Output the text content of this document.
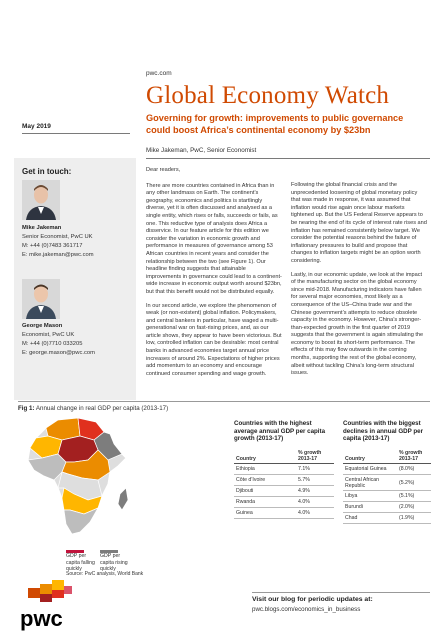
pwc.com
Global Economy Watch
Governing for growth: improvements to public governance could boost Africa’s continental economy by $23bn
May 2019
Mike Jakeman, PwC, Senior Economist
Get in touch:
Mike Jakeman
Senior Economist, PwC UK
M: +44 (0)7483 361717
E: mike.jakeman@pwc.com
George Mason
Economist, PwC UK
M: +44 (0)7710 033205
E: george.mason@pwc.com

Dear readers,

There are more countries contained in Africa than in any other landmass on Earth. The continent’s geography, economics and politics is startlingly diverse, yet it is often discussed and analysed as a single entity, which rises or falls, succeeds or fails, as one. This reductive type of analysis does Africa a disservice. In our feature article for this edition we consider the variation in economic growth and performance in measures of governance among 53 African countries in recent years and consider the relationship between the two (see Figure 1). Our headline finding suggests that attainable improvements in governance could lead to a continent-wide increase in economic output worth around $23bn, but that this benefit would not be distributed equally.

In our second article, we explore the phenomenon of weak (or non-existent) global inflation. Policymakers, and central bankers in particular, have waged a multi-generational war on fast-rising prices, and, as our article shows, they appear to have been victorious. But low, controlled inflation can be desirable: most central banks in advanced economies target annual price increases of around 2%. Expectations of higher prices add momentum to an economy and encourage continued consumer spending and wage growth.

Following the global financial crisis and the unprecedented loosening of global monetary policy that was made in response, it was assumed that inflation would rise again once labour markets tightened up. But the US Federal Reserve appears to be nearing the end of its cycle of interest rate rises and inflation has remained consistently below target. We consider the potential reasons behind the failure of inflationary pressures to build and propose that changes to inflation targets might be an option worth considering.

Lastly, in our economic update, we look at the impact of the manufacturing sector on the global economy since mid-2018. Manufacturing indicators have fallen for several major economies, most likely as a consequence of the US–China trade war and the Chinese government’s attempts to reduce obsolete capacity in the economy. However, China’s stronger-than-expected growth in the first quarter of 2019 suggests that the government is again stimulating the economy to boost its short-term performance. The effects of this may flow outwards in the coming months, supporting the rest of the global economy, albeit without tackling China’s long-term structural issues.

Fig 1: Annual change in real GDP per capita (2013-17)
GDP per capita falling quickly
GDP per capita rising quickly
Source: PwC analysis, World Bank
Countries with the highest average annual GDP per capita growth (2013-17)
Country	% growth 2013-17
Ethiopia	7.1%
Côte d’Ivoire	5.7%
Djibouti	4.9%
Rwanda	4.0%
Guinea	4.0%
Countries with the biggest declines in annual GDP per capita (2013-17)
Country	% growth 2013-17
Equatorial Guinea	(8.0%)
Central African Republic	(5.2%)
Libya	(5.1%)
Burundi	(2.0%)
Chad	(1.9%)
pwc
Visit our blog for periodic updates at:
pwc.blogs.com/economics_in_business
